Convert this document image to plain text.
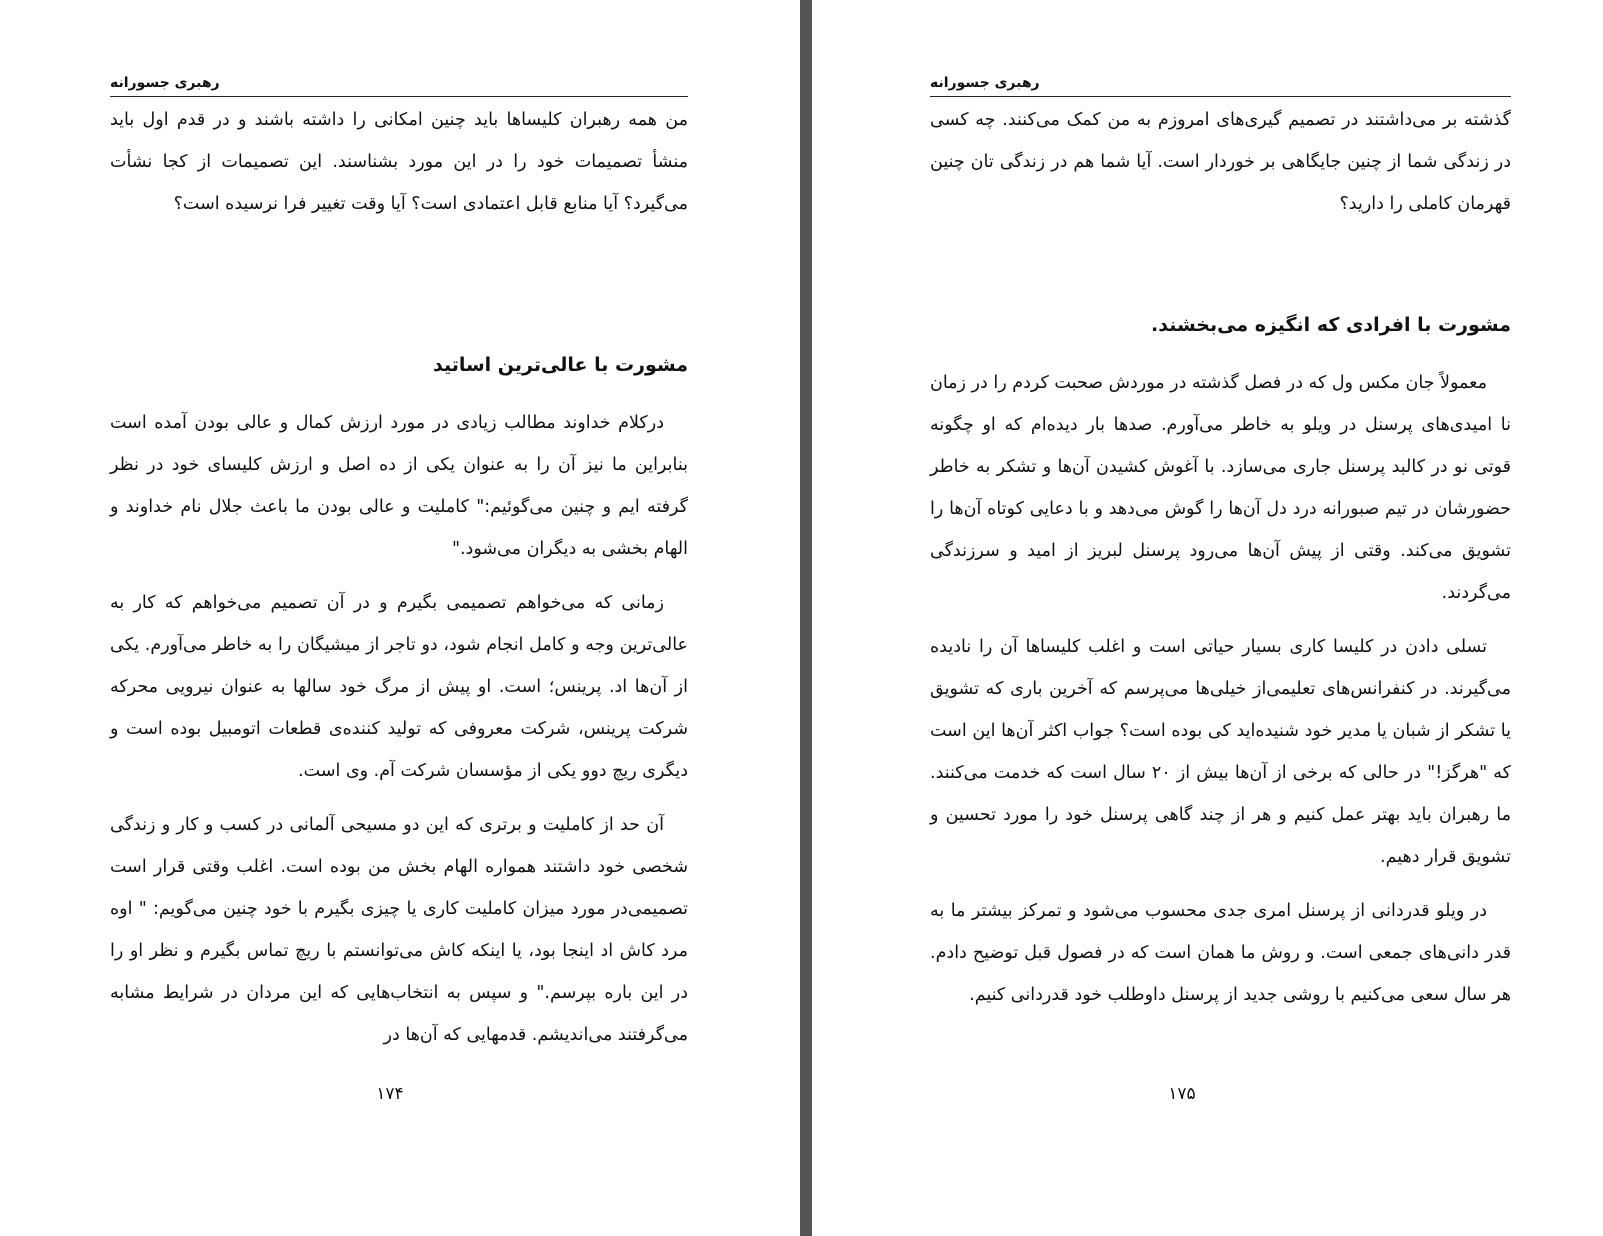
رهبری جسورانه

من همه رهبران کلیساها باید چنین امکانی را داشته باشند و در قدم اول باید منشأ تصمیمات خود را در این مورد بشناسند. این تصمیمات از کجا نشأت می‌گیرد؟ آیا منابع قابل اعتمادی است؟ آیا وقت تغییر فرا نرسیده است؟

مشورت با عالی‌ترین اساتید

درکلام خداوند مطالب زیادی در مورد ارزش کمال و عالی بودن آمده است بنابراین ما نیز آن را به عنوان یکی از ده اصل و ارزش کلیسای خود در نظر گرفته ایم و چنین می‌گوئیم:" کاملیت و عالی بودن ما باعث جلال نام خداوند و الهام بخشی به دیگران می‌شود."

زمانی که می‌خواهم تصمیمی بگیرم و در آن تصمیم می‌خواهم که کار به عالی‌ترین وجه و کامل انجام شود، دو تاجر از میشیگان را به خاطر می‌آورم. یکی از آن‌ها اد. پرینس؛ است. او پیش از مرگ خود سالها به عنوان نیرویی محرکه شرکت پرینس، شرکت معروفی که تولید کننده‌ی قطعات اتومبیل بوده است و دیگری ریچ دوو یکی از مؤسسان شرکت آم. وی است.

آن حد از کاملیت و برتری که این دو مسیحی آلمانی در کسب و کار و زندگی شخصی خود داشتند همواره الهام بخش من بوده است. اغلب وقتی قرار است تصمیمی‌در مورد میزان کاملیت کاری یا چیزی بگیرم با خود چنین می‌گویم: " اوه مرد کاش اد اینجا بود، یا اینکه کاش می‌توانستم با ریچ تماس بگیرم و نظر او را در این باره بپرسم." و سپس به انتخاب‌هایی که این مردان در شرایط مشابه می‌گرفتند می‌اندیشم. قدمهایی که آن‌ها در

۱۷۴
رهبری جسورانه

گذشته بر می‌داشتند در تصمیم گیری‌های امروزم به من کمک می‌کنند. چه کسی در زندگی شما از چنین جایگاهی بر خوردار است. آیا شما هم در زندگی تان چنین قهرمان کاملی را دارید؟

مشورت با افرادی که انگیزه می‌بخشند.

معمولاً جان مکس ول که در فصل گذشته در موردش صحبت کردم را در زمان نا امیدی‌های پرسنل در ویلو به خاطر می‌آورم. صدها بار دیده‌ام که او چگونه قوتی نو در کالبد پرسنل جاری می‌سازد. با آغوش کشیدن آن‌ها و تشکر به خاطر حضورشان در تیم صبورانه درد دل آن‌ها را گوش می‌دهد و با دعایی کوتاه آن‌ها را تشویق می‌کند. وقتی از پیش آن‌ها می‌رود پرسنل لبریز از امید و سرزندگی می‌گردند.

تسلی دادن در کلیسا کاری بسیار حیاتی است و اغلب کلیساها آن را نادیده می‌گیرند. در کنفرانس‌های تعلیمی‌از خیلی‌ها می‌پرسم که آخرین باری که تشویق یا تشکر از شبان یا مدیر خود شنیده‌اید کی بوده است؟ جواب اکثر آن‌ها این است که "هرگز!" در حالی که برخی از آن‌ها بیش از ۲۰ سال است که خدمت می‌کنند. ما رهبران باید بهتر عمل کنیم و هر از چند گاهی پرسنل خود را مورد تحسین و تشویق قرار دهیم.

در ویلو قدردانی از پرسنل امری جدی محسوب می‌شود و تمرکز بیشتر ما به قدر دانی‌های جمعی است. و روش ما همان است که در فصول قبل توضیح دادم. هر سال سعی می‌کنیم با روشی جدید از پرسنل داوطلب خود قدردانی کنیم.

۱۷۵
